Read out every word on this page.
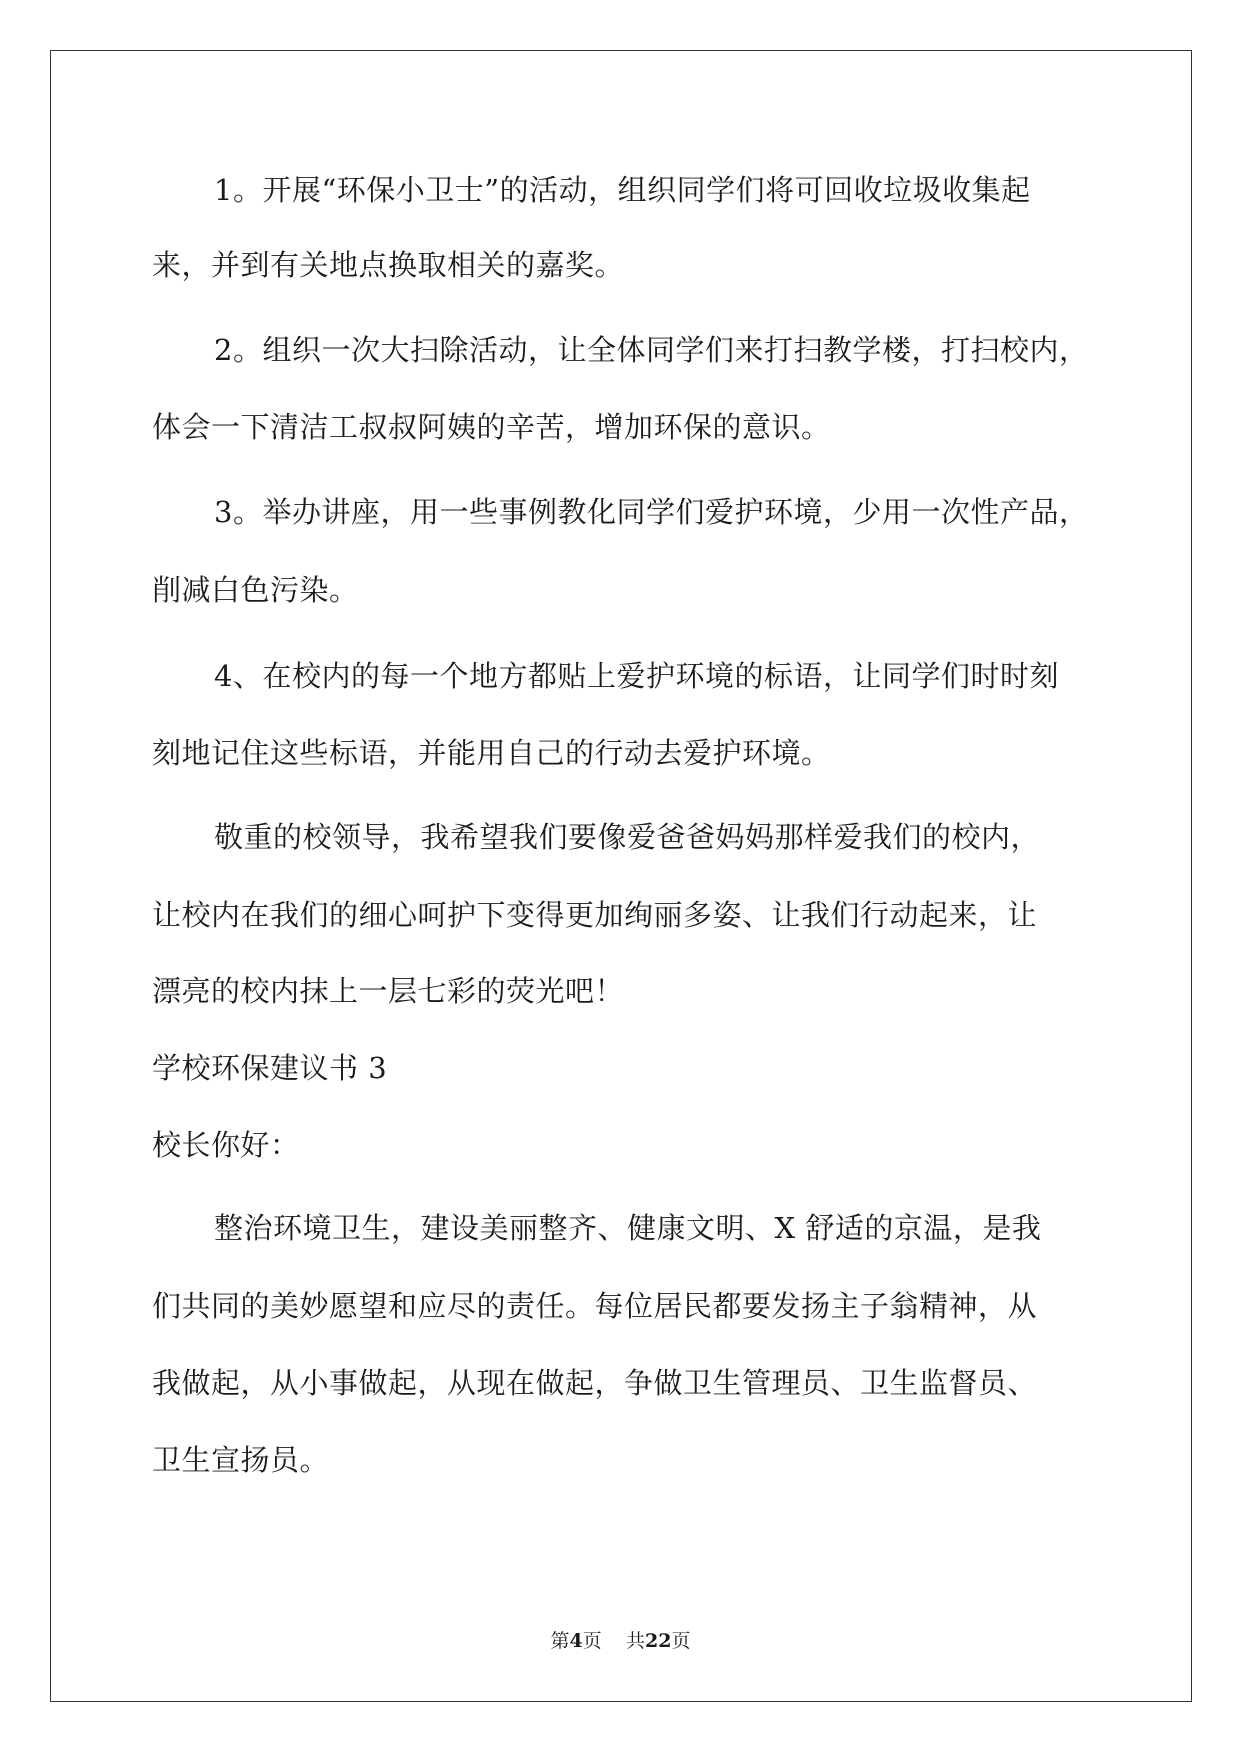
1。开展“环保小卫士”的活动，组织同学们将可回收垃圾收集起
来，并到有关地点换取相关的嘉奖。
2。组织一次大扫除活动，让全体同学们来打扫教学楼，打扫校内，
体会一下清洁工叔叔阿姨的辛苦，增加环保的意识。
3。举办讲座，用一些事例教化同学们爱护环境，少用一次性产品，
削减白色污染。
4、在校内的每一个地方都贴上爱护环境的标语，让同学们时时刻
刻地记住这些标语，并能用自己的行动去爱护环境。
敬重的校领导，我希望我们要像爱爸爸妈妈那样爱我们的校内，
让校内在我们的细心呵护下变得更加绚丽多姿、让我们行动起来，让
漂亮的校内抹上一层七彩的荧光吧！
学校环保建议书 3
校长你好：
整治环境卫生，建设美丽整齐、健康文明、X 舒适的京温，是我
们共同的美妙愿望和应尽的责任。每位居民都要发扬主子翁精神，从
我做起，从小事做起，从现在做起，争做卫生管理员、卫生监督员、
卫生宣扬员。
第4页 共22页
